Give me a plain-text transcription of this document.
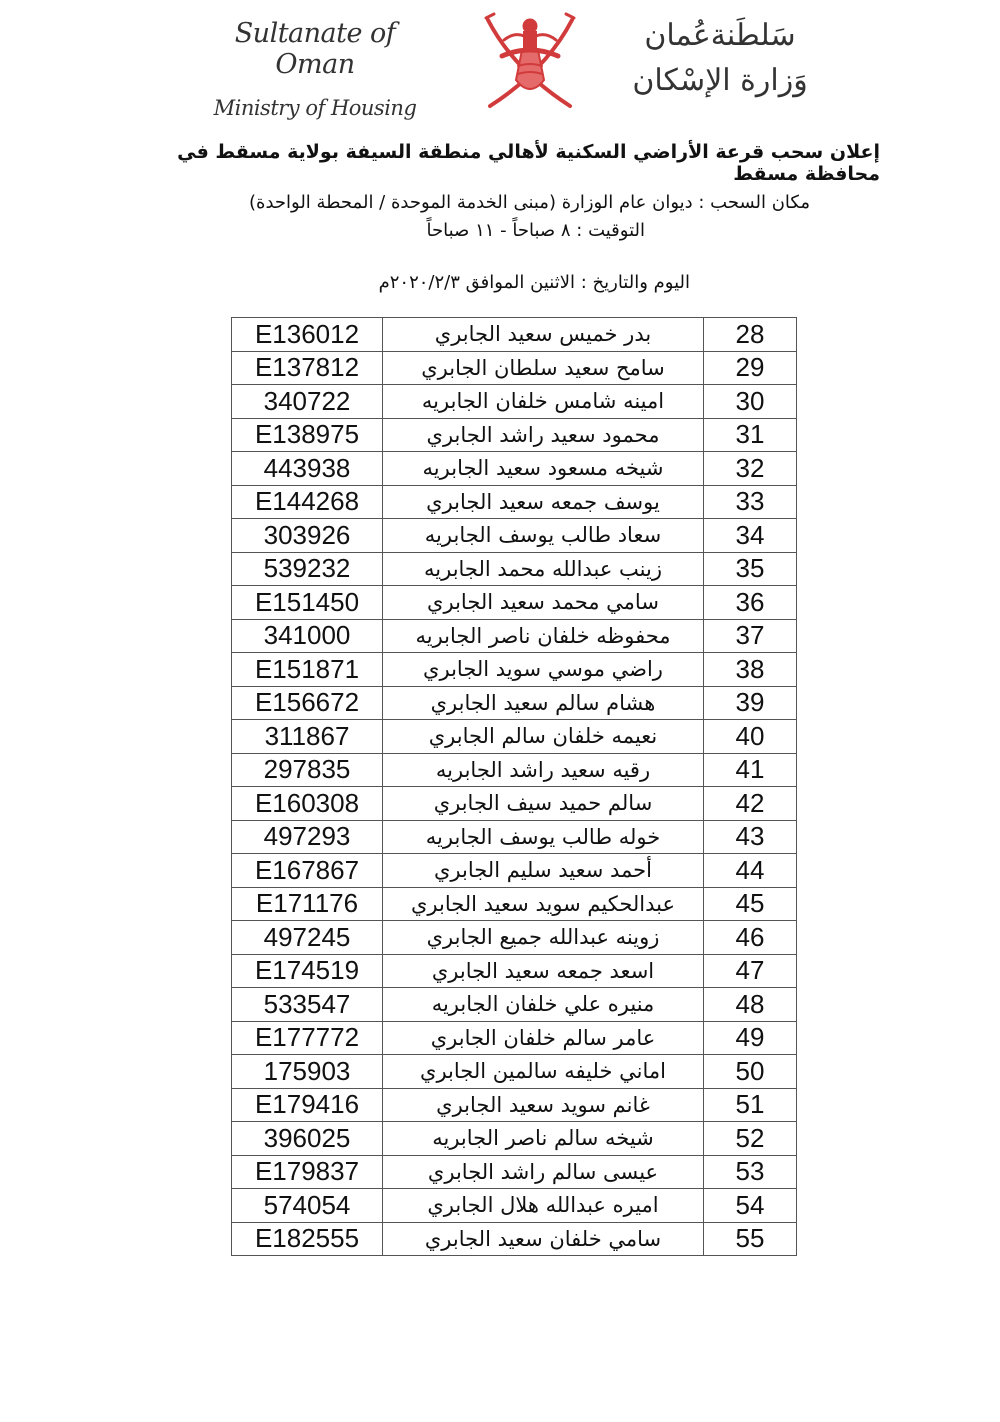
Sultanate of Oman
Ministry of Housing
سَلطَنةعُمان
وَزارة الإسْكان
إعلان سحب قرعة الأراضي السكنية لأهالي منطقة السيفة بولاية مسقط في محافظة مسقط
مكان السحب : ديوان عام الوزارة (مبنى الخدمة الموحدة / المحطة الواحدة)
التوقيت : ٨ صباحاً - ١١ صباحاً
اليوم والتاريخ : الاثنين الموافق ٢٠٢٠/٢/٣م
E136012	بدر خميس سعيد الجابري	28
E137812	سامح سعيد سلطان الجابري	29
340722	امينه شامس خلفان الجابريه	30
E138975	محمود سعيد راشد الجابري	31
443938	شيخه مسعود سعيد الجابريه	32
E144268	يوسف جمعه سعيد الجابري	33
303926	سعاد طالب يوسف الجابريه	34
539232	زينب عبدالله محمد الجابريه	35
E151450	سامي محمد سعيد الجابري	36
341000	محفوظه خلفان ناصر الجابريه	37
E151871	راضي موسي سويد الجابري	38
E156672	هشام سالم سعيد الجابري	39
311867	نعيمه خلفان سالم الجابري	40
297835	رقيه سعيد راشد الجابريه	41
E160308	سالم حميد سيف الجابري	42
497293	خوله طالب يوسف الجابريه	43
E167867	أحمد سعيد سليم الجابري	44
E171176	عبدالحكيم سويد سعيد الجابري	45
497245	زوينه عبدالله جميع الجابري	46
E174519	اسعد جمعه سعيد الجابري	47
533547	منيره علي خلفان الجابريه	48
E177772	عامر سالم خلفان الجابري	49
175903	اماني خليفه سالمين الجابري	50
E179416	غانم سويد سعيد الجابري	51
396025	شيخه سالم ناصر الجابريه	52
E179837	عيسى سالم راشد الجابري	53
574054	اميره عبدالله هلال الجابري	54
E182555	سامي خلفان سعيد الجابري	55
